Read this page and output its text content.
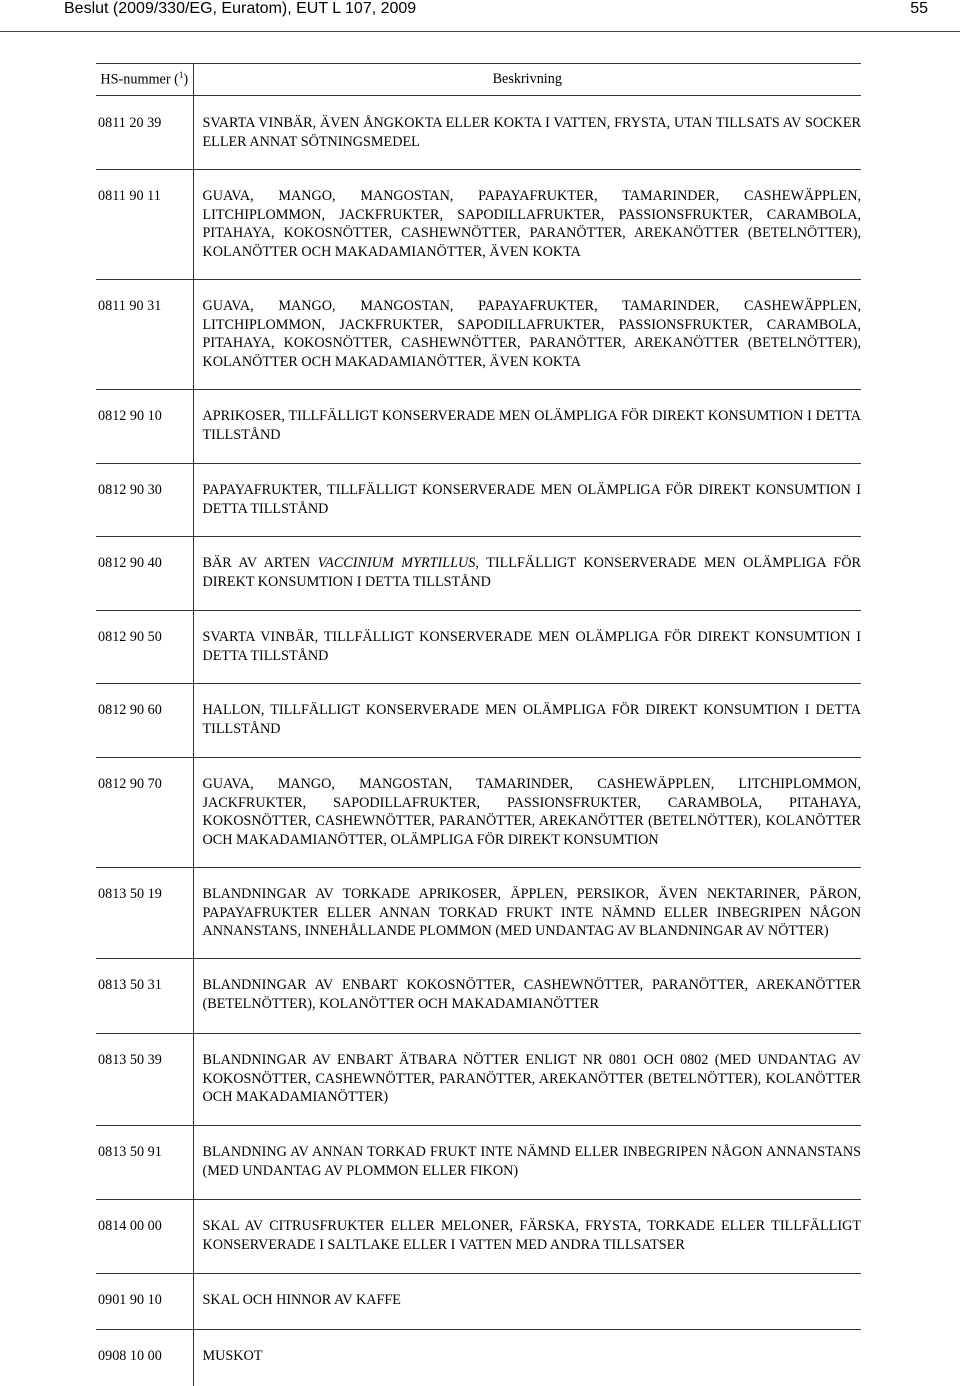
Beslut (2009/330/EG, Euratom), EUT L 107, 2009	55
HS-nummer ($^1$)	Beskrivning
0811 20 39	SVARTA VINBÄR, ÄVEN ÅNGKOKTA ELLER KOKTA I VATTEN, FRYSTA, UTAN TILLSATS AV SOCKER ELLER ANNAT SÖTNINGSMEDEL
0811 90 11	GUAVA, MANGO, MANGOSTAN, PAPAYAFRUKTER, TAMARINDER, CASHEWÄPPLEN, LITCHIPLOMMON, JACKFRUKTER, SAPODILLAFRUKTER, PASSIONSFRUKTER, CARAMBOLA, PITAHAYA, KOKOSNÖTTER, CASHEWNÖTTER, PARANÖTTER, AREKANÖTTER (BETELNÖTTER), KOLANÖTTER OCH MAKADAMIANÖTTER, ÄVEN KOKTA
0811 90 31	GUAVA, MANGO, MANGOSTAN, PAPAYAFRUKTER, TAMARINDER, CASHEWÄPPLEN, LITCHIPLOMMON, JACKFRUKTER, SAPODILLAFRUKTER, PASSIONSFRUKTER, CARAMBOLA, PITAHAYA, KOKOSNÖTTER, CASHEWNÖTTER, PARANÖTTER, AREKANÖTTER (BETELNÖTTER), KOLANÖTTER OCH MAKADAMIANÖTTER, ÄVEN KOKTA
0812 90 10	APRIKOSER, TILLFÄLLIGT KONSERVERADE MEN OLÄMPLIGA FÖR DIREKT KONSUMTION I DETTA TILLSTÅND
0812 90 30	PAPAYAFRUKTER, TILLFÄLLIGT KONSERVERADE MEN OLÄMPLIGA FÖR DIREKT KONSUMTION I DETTA TILLSTÅND
0812 90 40	BÄR AV ARTEN VACCINIUM MYRTILLUS, TILLFÄLLIGT KONSERVERADE MEN OLÄMPLIGA FÖR DIREKT KONSUMTION I DETTA TILLSTÅND
0812 90 50	SVARTA VINBÄR, TILLFÄLLIGT KONSERVERADE MEN OLÄMPLIGA FÖR DIREKT KONSUMTION I DETTA TILLSTÅND
0812 90 60	HALLON, TILLFÄLLIGT KONSERVERADE MEN OLÄMPLIGA FÖR DIREKT KONSUMTION I DETTA TILLSTÅND
0812 90 70	GUAVA, MANGO, MANGOSTAN, TAMARINDER, CASHEWÄPPLEN, LITCHIPLOMMON, JACKFRUKTER, SAPODILLAFRUKTER, PASSIONSFRUKTER, CARAMBOLA, PITAHAYA, KOKOSNÖTTER, CASHEWNÖTTER, PARANÖTTER, AREKANÖTTER (BETELNÖTTER), KOLANÖTTER OCH MAKADAMIANÖTTER, OLÄMPLIGA FÖR DIREKT KONSUMTION
0813 50 19	BLANDNINGAR AV TORKADE APRIKOSER, ÄPPLEN, PERSIKOR, ÄVEN NEKTARINER, PÄRON, PAPAYAFRUKTER ELLER ANNAN TORKAD FRUKT INTE NÄMND ELLER INBEGRIPEN NÅGON ANNANSTANS, INNEHÅLLANDE PLOMMON (MED UNDANTAG AV BLANDNINGAR AV NÖTTER)
0813 50 31	BLANDNINGAR AV ENBART KOKOSNÖTTER, CASHEWNÖTTER, PARANÖTTER, AREKANÖTTER (BETELNÖTTER), KOLANÖTTER OCH MAKADAMIANÖTTER
0813 50 39	BLANDNINGAR AV ENBART ÄTBARA NÖTTER ENLIGT NR 0801 OCH 0802 (MED UNDANTAG AV KOKOSNÖTTER, CASHEWNÖTTER, PARANÖTTER, AREKANÖTTER (BETELNÖTTER), KOLANÖTTER OCH MAKADAMIANÖTTER)
0813 50 91	BLANDNING AV ANNAN TORKAD FRUKT INTE NÄMND ELLER INBEGRIPEN NÅGON ANNANSTANS (MED UNDANTAG AV PLOMMON ELLER FIKON)
0814 00 00	SKAL AV CITRUSFRUKTER ELLER MELONER, FÄRSKA, FRYSTA, TORKADE ELLER TILLFÄLLIGT KONSERVERADE I SALTLAKE ELLER I VATTEN MED ANDRA TILLSATSER
0901 90 10	SKAL OCH HINNOR AV KAFFE
0908 10 00	MUSKOT
